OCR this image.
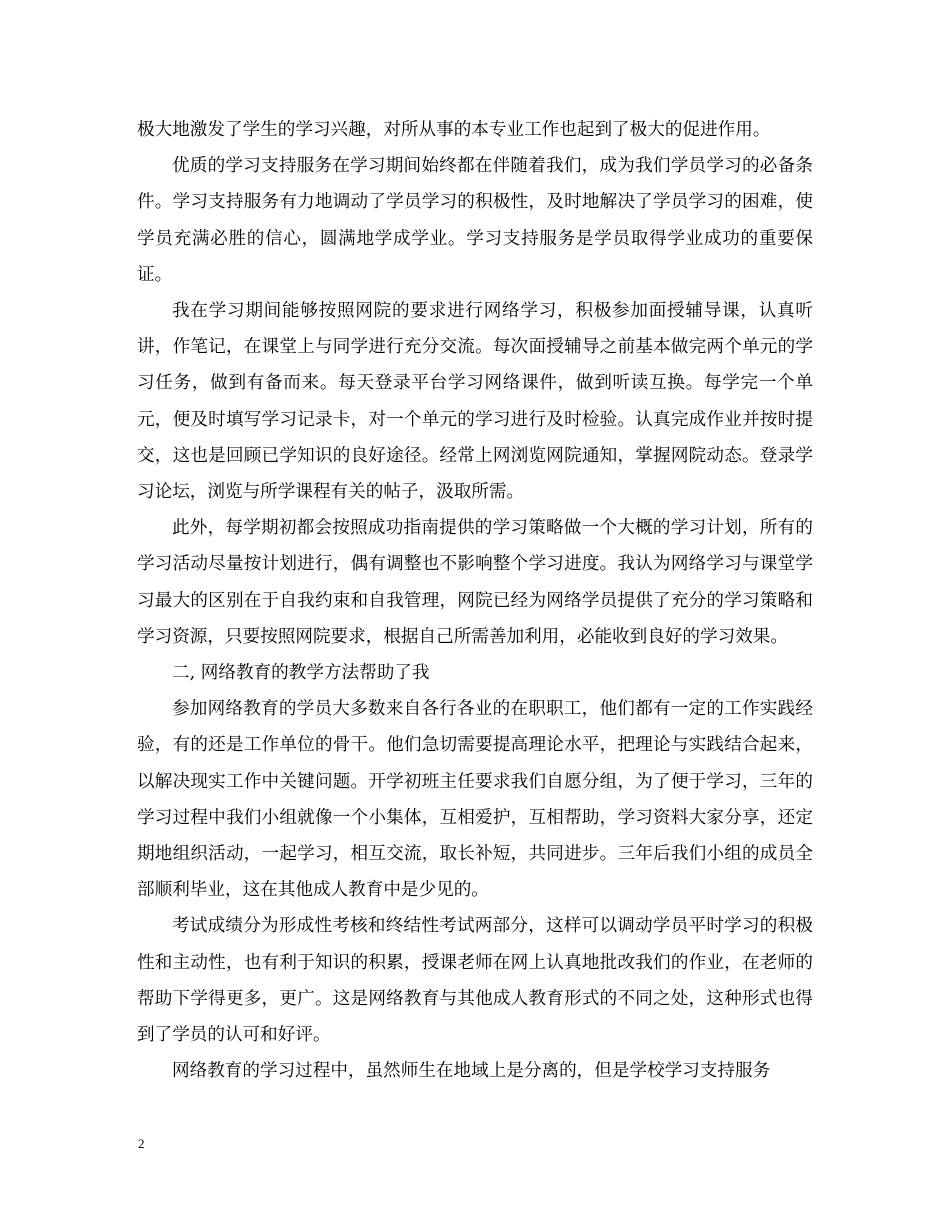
极大地激发了学生的学习兴趣，对所从事的本专业工作也起到了极大的促进作用。

优质的学习支持服务在学习期间始终都在伴随着我们，成为我们学员学习的必备条件。学习支持服务有力地调动了学员学习的积极性，及时地解决了学员学习的困难，使学员充满必胜的信心，圆满地学成学业。学习支持服务是学员取得学业成功的重要保证。

我在学习期间能够按照网院的要求进行网络学习，积极参加面授辅导课，认真听讲，作笔记，在课堂上与同学进行充分交流。每次面授辅导之前基本做完两个单元的学习任务，做到有备而来。每天登录平台学习网络课件，做到听读互换。每学完一个单元，便及时填写学习记录卡，对一个单元的学习进行及时检验。认真完成作业并按时提交，这也是回顾已学知识的良好途径。经常上网浏览网院通知，掌握网院动态。登录学习论坛，浏览与所学课程有关的帖子，汲取所需。

此外，每学期初都会按照成功指南提供的学习策略做一个大概的学习计划，所有的学习活动尽量按计划进行，偶有调整也不影响整个学习进度。我认为网络学习与课堂学习最大的区别在于自我约束和自我管理，网院已经为网络学员提供了充分的学习策略和学习资源，只要按照网院要求，根据自己所需善加利用，必能收到良好的学习效果。

二, 网络教育的教学方法帮助了我

参加网络教育的学员大多数来自各行各业的在职职工，他们都有一定的工作实践经验，有的还是工作单位的骨干。他们急切需要提高理论水平，把理论与实践结合起来，以解决现实工作中关键问题。开学初班主任要求我们自愿分组，为了便于学习，三年的学习过程中我们小组就像一个小集体，互相爱护，互相帮助，学习资料大家分享，还定期地组织活动，一起学习，相互交流，取长补短，共同进步。三年后我们小组的成员全部顺利毕业，这在其他成人教育中是少见的。

考试成绩分为形成性考核和终结性考试两部分，这样可以调动学员平时学习的积极性和主动性，也有利于知识的积累，授课老师在网上认真地批改我们的作业，在老师的帮助下学得更多，更广。这是网络教育与其他成人教育形式的不同之处，这种形式也得到了学员的认可和好评。

网络教育的学习过程中，虽然师生在地域上是分离的，但是学校学习支持服务

2
